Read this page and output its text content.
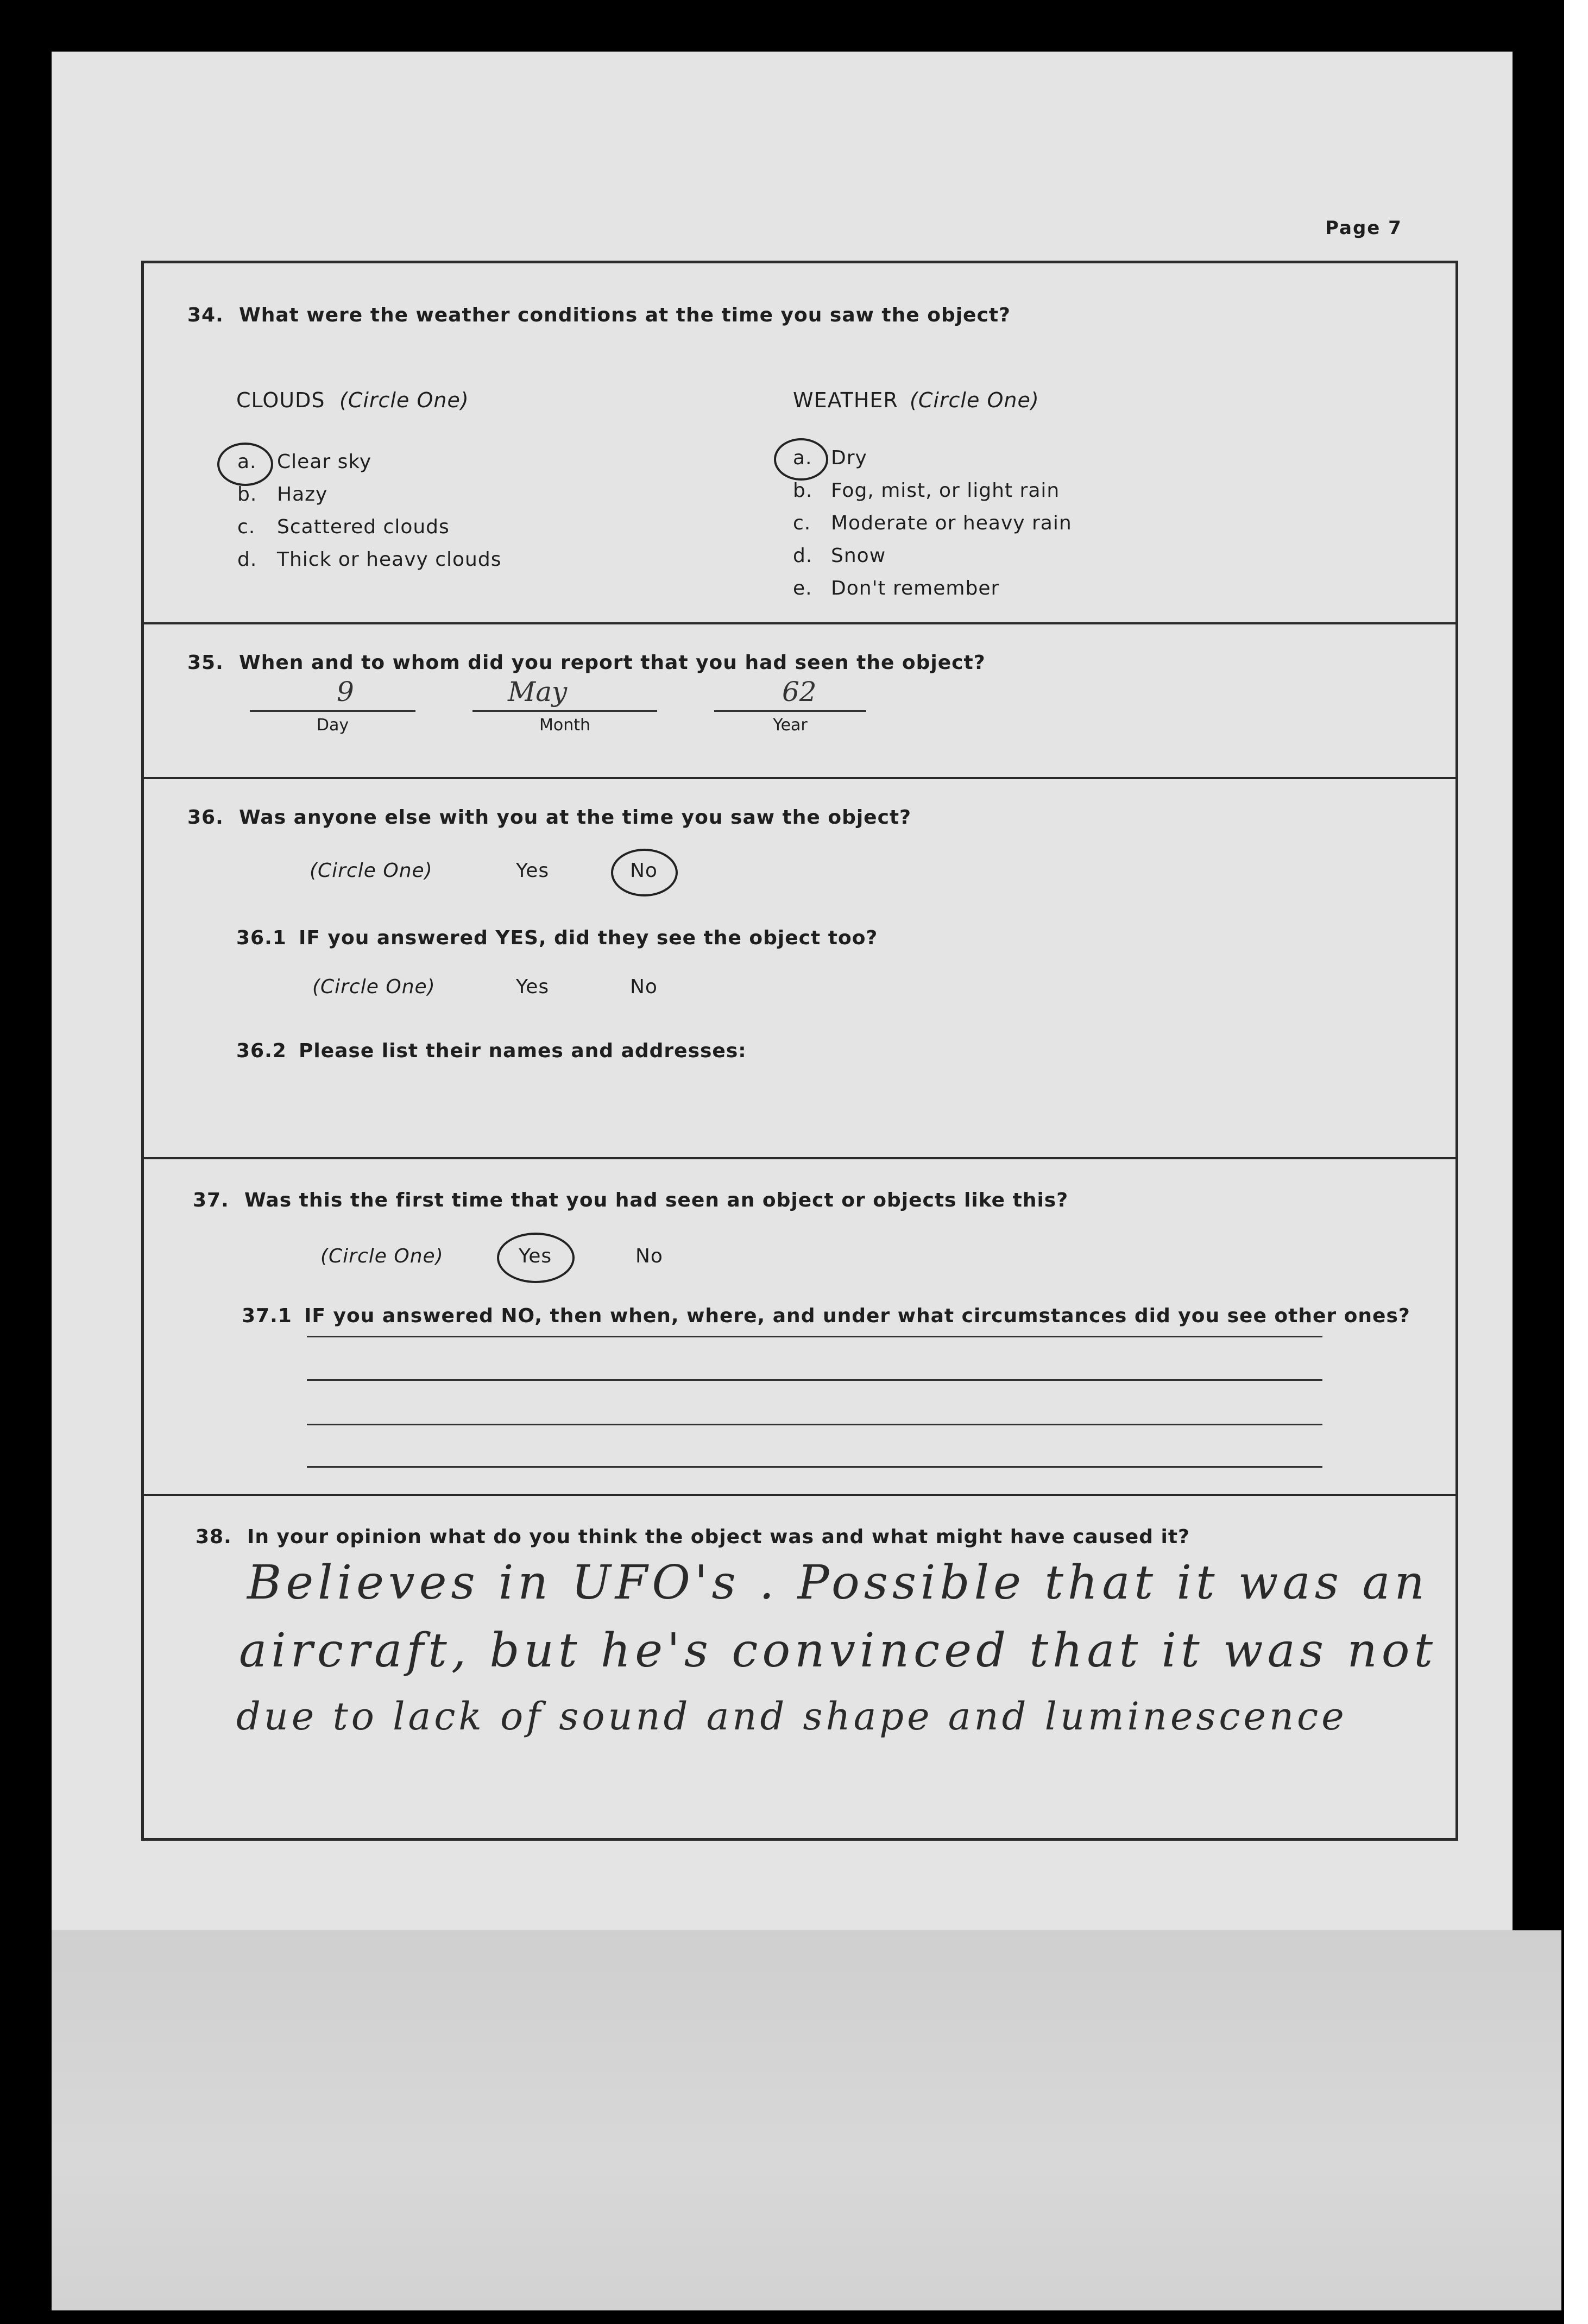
Page 7
34. What were the weather conditions at the time you saw the object?
CLOUDS (Circle One)
a. Clear sky
b. Hazy
c. Scattered clouds
d. Thick or heavy clouds
WEATHER (Circle One)
a. Dry
b. Fog, mist, or light rain
c. Moderate or heavy rain
d. Snow
e. Don't remember
35. When and to whom did you report that you had seen the object?
9	May	62
Day	Month	Year
36. Was anyone else with you at the time you saw the object?
(Circle One)	Yes	No
36.1 IF you answered YES, did they see the object too?
(Circle One)	Yes	No
36.2 Please list their names and addresses:
37. Was this the first time that you had seen an object or objects like this?
(Circle One)	Yes	No
37.1 IF you answered NO, then when, where, and under what circumstances did you see other ones?
38. In your opinion what do you think the object was and what might have caused it?
Believes in UFO's . Possible that it was an
aircraft, but he's convinced that it was not
due to lack of sound and shape and luminescence
